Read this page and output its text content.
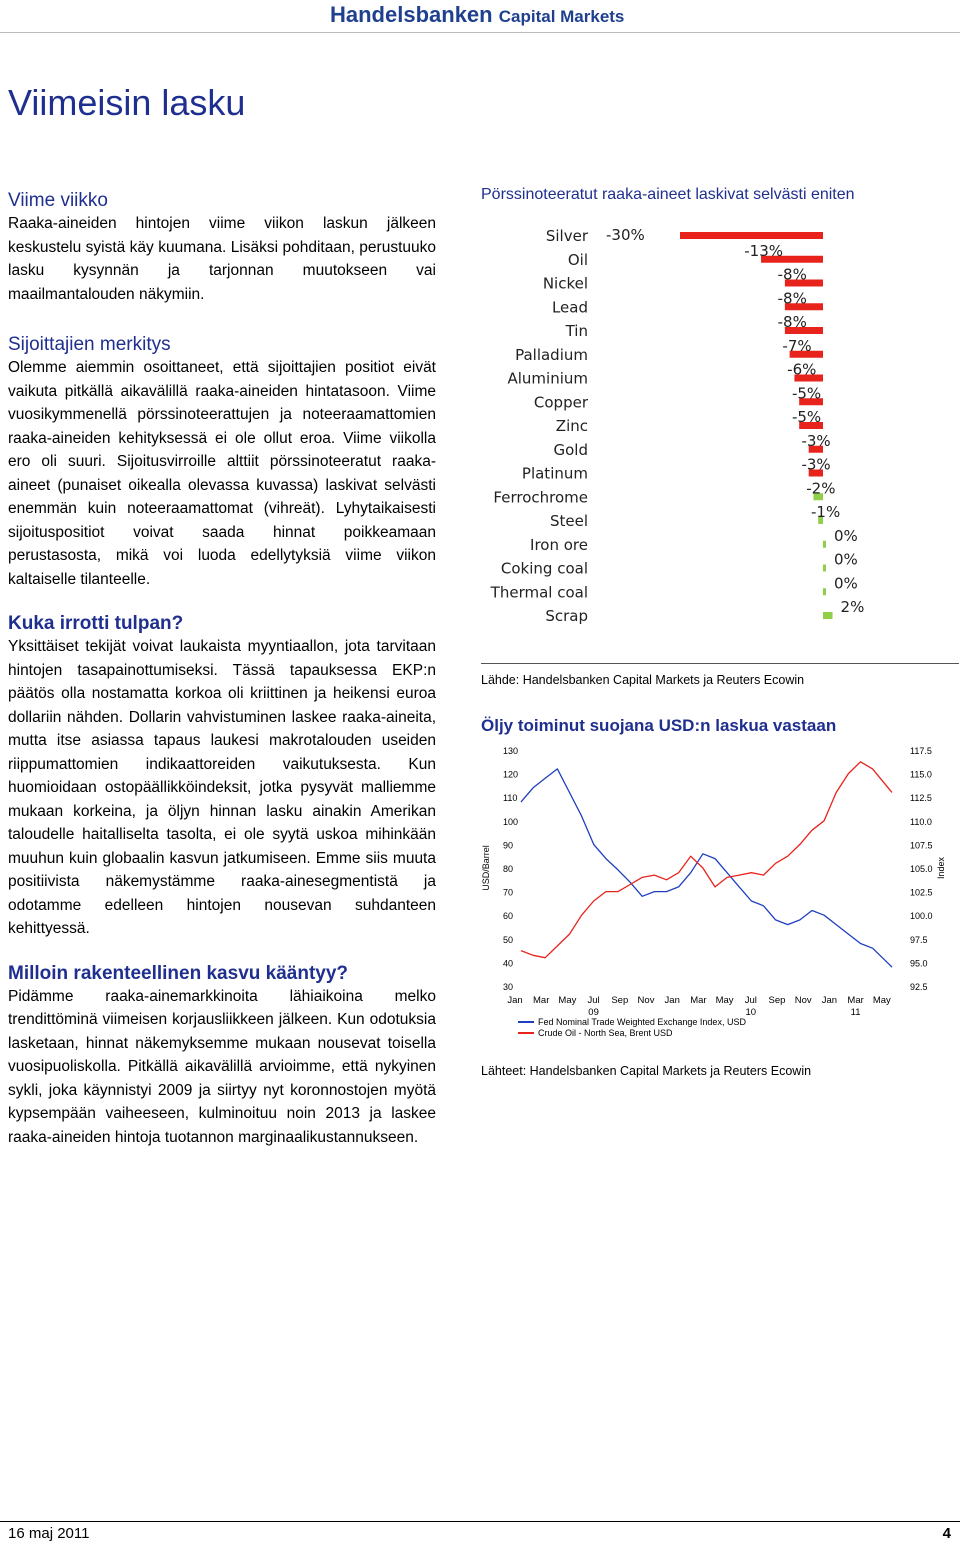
Handelsbanken Capital Markets
Viimeisin lasku
Viime viikko

Raaka-aineiden hintojen viime viikon laskun jälkeen keskustelu syistä käy kuumana. Lisäksi pohditaan, perustuuko lasku kysynnän ja tarjonnan muutokseen vai maailmantalouden näkymiin.

Sijoittajien merkitys

Olemme aiemmin osoittaneet, että sijoittajien positiot eivät vaikuta pitkällä aikavälillä raaka-aineiden hintatasoon. Viime vuosikymmenellä pörssinoteerattujen ja noteeraamattomien raaka-aineiden kehityksessä ei ole ollut eroa. Viime viikolla ero oli suuri. Sijoitusvirroille alttiit pörssinoteeratut raaka-aineet (punaiset oikealla olevassa kuvassa) laskivat selvästi enemmän kuin noteeraamattomat (vihreät). Lyhytaikaisesti sijoituspositiot voivat saada hinnat poikkeamaan perustasosta, mikä voi luoda edellytyksiä viime viikon kaltaiselle tilanteelle.

Kuka irrotti tulpan?

Yksittäiset tekijät voivat laukaista myyntiaallon, jota tarvitaan hintojen tasapainottumiseksi. Tässä tapauksessa EKP:n päätös olla nostamatta korkoa oli kriittinen ja heikensi euroa dollariin nähden. Dollarin vahvistuminen laskee raaka-aineita, mutta itse asiassa tapaus laukesi makrotalouden useiden riippumattomien indikaattoreiden vaikutuksesta. Kun huomioidaan ostopäällikköindeksit, jotka pysyvät malliemme mukaan korkeina, ja öljyn hinnan lasku ainakin Amerikan taloudelle haitalliselta tasolta, ei ole syytä uskoa mihinkään muuhun kuin globaalin kasvun jatkumiseen. Emme siis muuta positiivista näkemystämme raaka-ainesegmentistä ja odotamme edelleen hintojen nousevan suhdanteen kehittyessä.

Milloin rakenteellinen kasvu kääntyy?

Pidämme raaka-ainemarkkinoita lähiaikoina melko trendittöminä viimeisen korjausliikkeen jälkeen. Kun odotuksia lasketaan, hinnat näkemyksemme mukaan nousevat toisella vuosipuoliskolla. Pitkällä aikavälillä arvioimme, että nykyinen sykli, joka käynnistyi 2009 ja siirtyy nyt koronnostojen myötä kypsempään vaiheeseen, kulminoituu noin 2013 ja laskee raaka-aineiden hintoja tuotannon marginaalikustannukseen.

Pörssinoteeratut raaka-aineet laskivat selvästi eniten
Silver -30%
Oil	-13%
Nickel	-8%
Lead	-8%
Tin	-8%
Palladium	-7%
Aluminium	-6%
Copper	-5%
Zinc	-5%
Gold	-3%
Platinum	-3%
Ferrochrome	-2%
Steel	-1%
Iron ore	0%
Coking coal	0%
Thermal coal	0%
Scrap	2%
Lähde: Handelsbanken Capital Markets ja Reuters Ecowin
Öljy toiminut suojana USD:n laskua vastaan
130
120
110
100
90
80
70
60
50
40
30
117.5
115.0
112.5
110.0
107.5
105.0
102.5
100.0
97.5
95.0
92.5
USD/Barrel	Index
Jan Mar May Jul Sep Nov Jan Mar May Jul Sep Nov Jan Mar May
09	10	11
Fed Nominal Trade Weighted Exchange Index, USD
Crude Oil - North Sea, Brent USD
Lähteet: Handelsbanken Capital Markets ja Reuters Ecowin
16 maj 2011	4
